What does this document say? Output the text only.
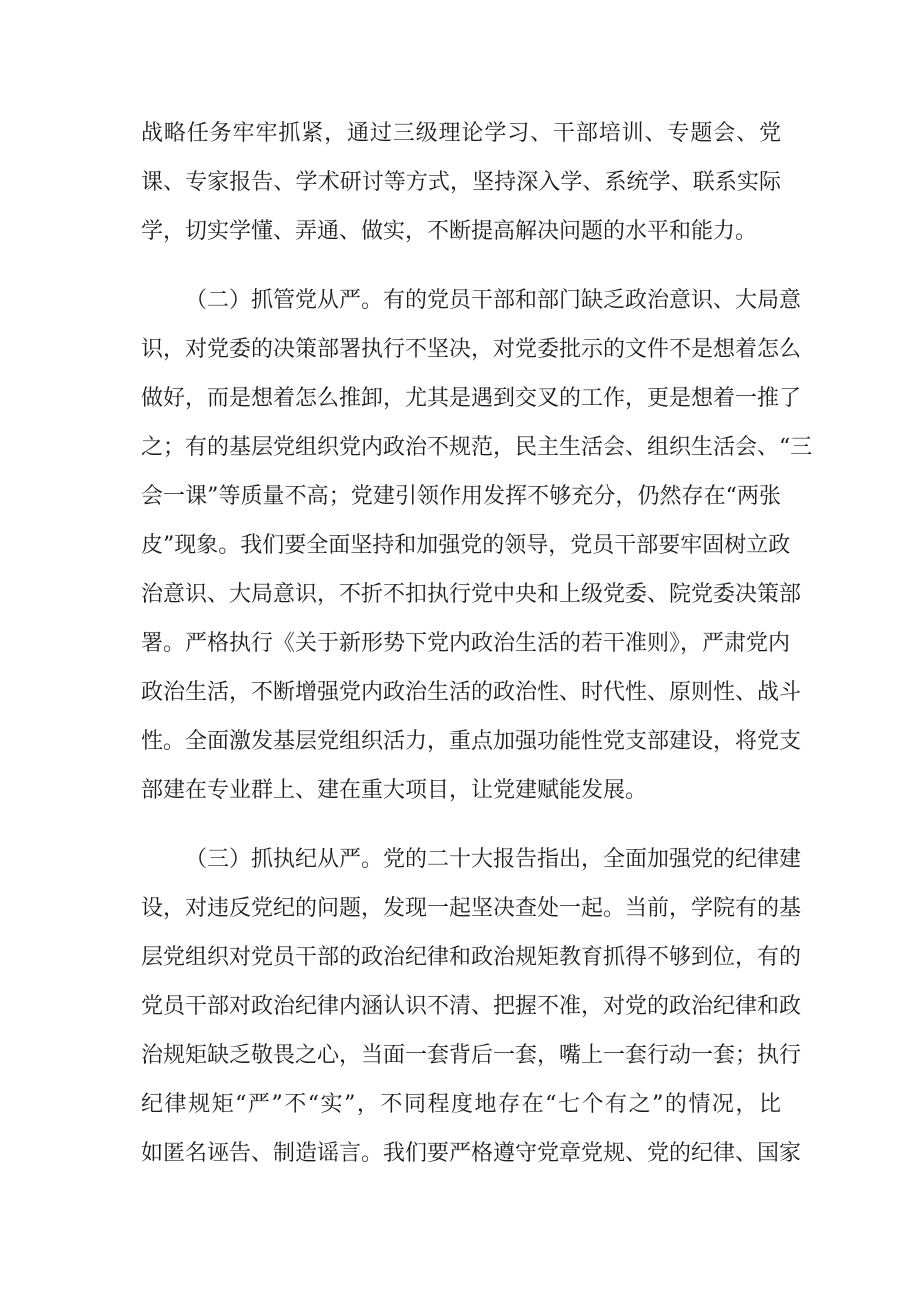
战略任务牢牢抓紧，通过三级理论学习、干部培训、专题会、党
课、专家报告、学术研讨等方式，坚持深入学、系统学、联系实际
学，切实学懂、弄通、做实，不断提高解决问题的水平和能力。
（二）抓管党从严。有的党员干部和部门缺乏政治意识、大局意
识，对党委的决策部署执行不坚决，对党委批示的文件不是想着怎么
做好，而是想着怎么推卸，尤其是遇到交叉的工作，更是想着一推了
之；有的基层党组织党内政治不规范，民主生活会、组织生活会、“三
会一课”等质量不高；党建引领作用发挥不够充分，仍然存在“两张
皮”现象。我们要全面坚持和加强党的领导，党员干部要牢固树立政
治意识、大局意识，不折不扣执行党中央和上级党委、院党委决策部
署。严格执行《关于新形势下党内政治生活的若干准则》，严肃党内
政治生活，不断增强党内政治生活的政治性、时代性、原则性、战斗
性。全面激发基层党组织活力，重点加强功能性党支部建设，将党支
部建在专业群上、建在重大项目，让党建赋能发展。
（三）抓执纪从严。党的二十大报告指出，全面加强党的纪律建
设，对违反党纪的问题，发现一起坚决查处一起。当前，学院有的基
层党组织对党员干部的政治纪律和政治规矩教育抓得不够到位，有的
党员干部对政治纪律内涵认识不清、把握不准，对党的政治纪律和政
治规矩缺乏敬畏之心，当面一套背后一套，嘴上一套行动一套；执行
纪律规矩“严”不“实”，不同程度地存在“七个有之”的情况，比
如匿名诬告、制造谣言。我们要严格遵守党章党规、党的纪律、国家
